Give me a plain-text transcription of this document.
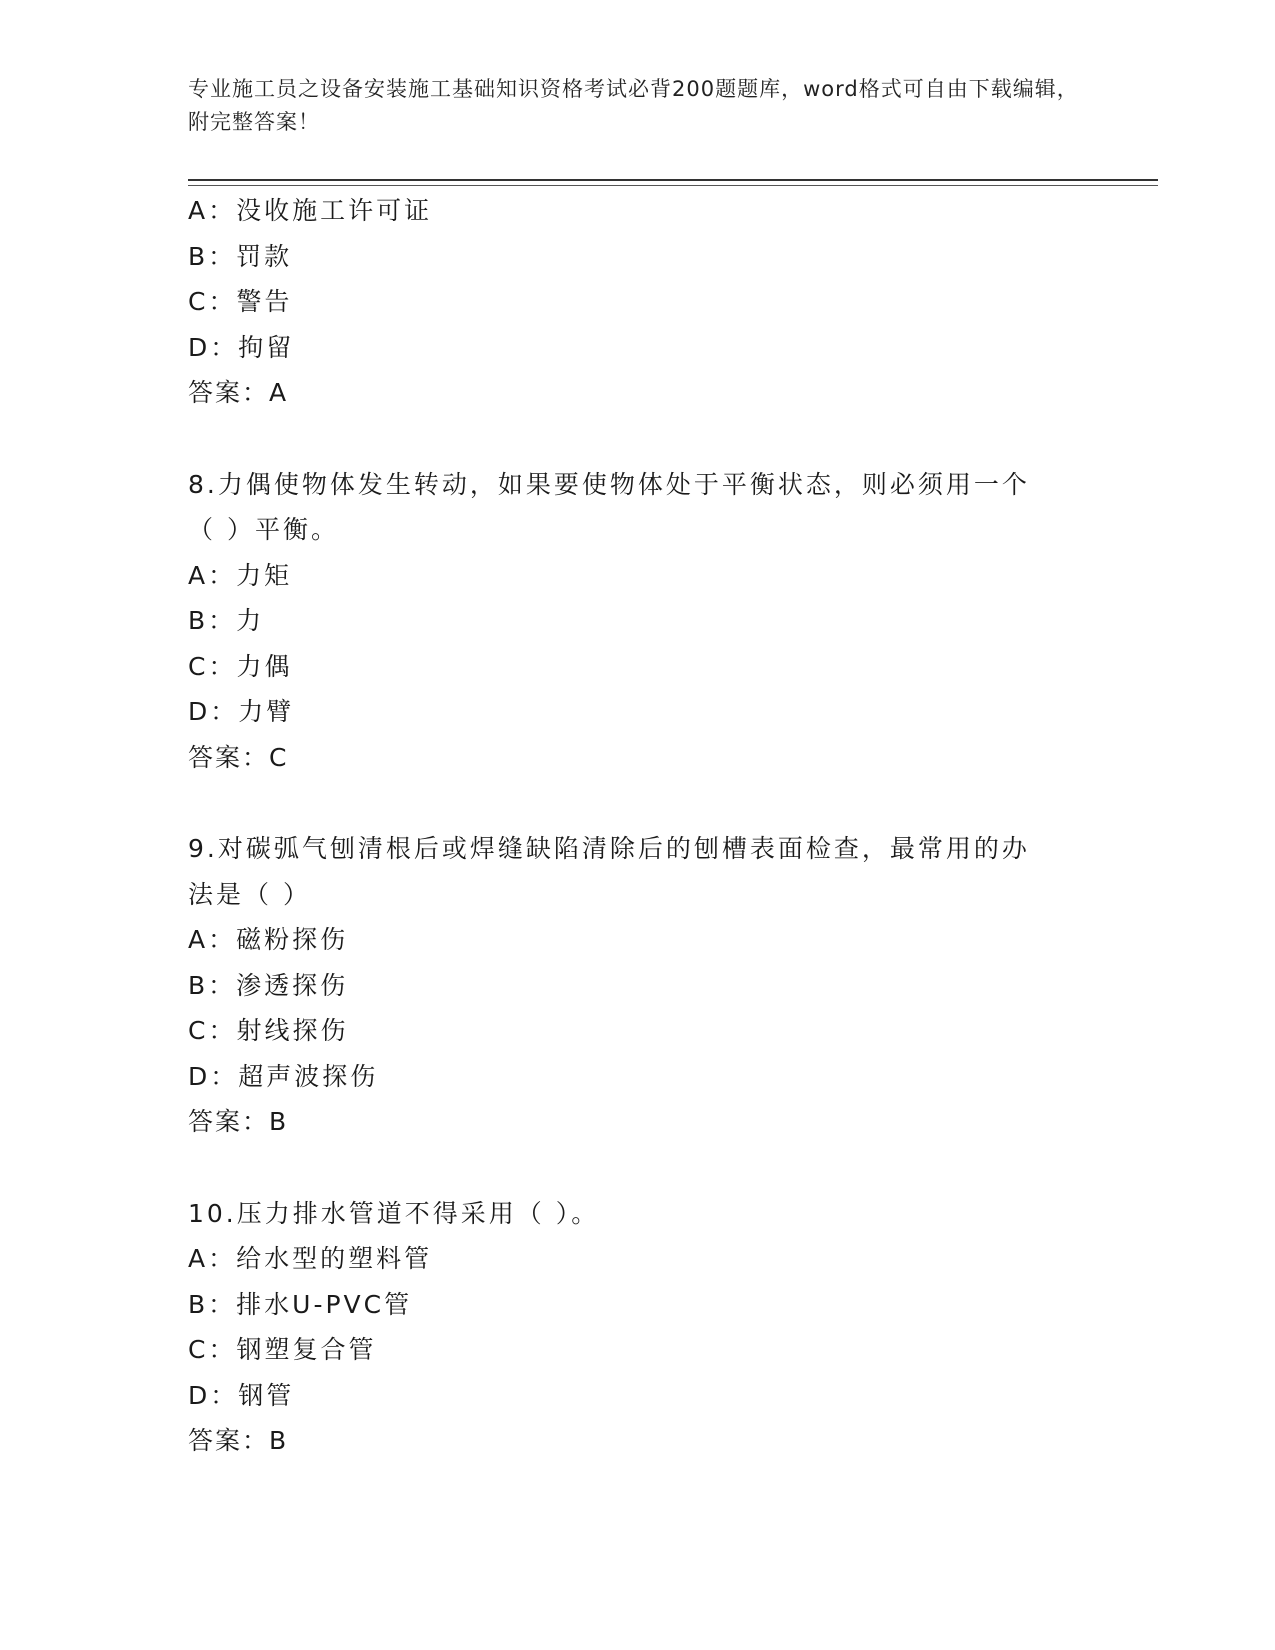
专业施工员之设备安装施工基础知识资格考试必背200题题库，word格式可自由下载编辑，附完整答案！
A：没收施工许可证
B：罚款
C：警告
D：拘留
答案：A
8.力偶使物体发生转动，如果要使物体处于平衡状态，则必须用一个
（ ）平衡。
A：力矩
B：力
C：力偶
D：力臂
答案：C
9.对碳弧气刨清根后或焊缝缺陷清除后的刨槽表面检查，最常用的办
法是（ ）
A：磁粉探伤
B：渗透探伤
C：射线探伤
D：超声波探伤
答案：B
10.压力排水管道不得采用（ ）。
A：给水型的塑料管
B：排水U-PVC管
C：钢塑复合管
D：钢管
答案：B
